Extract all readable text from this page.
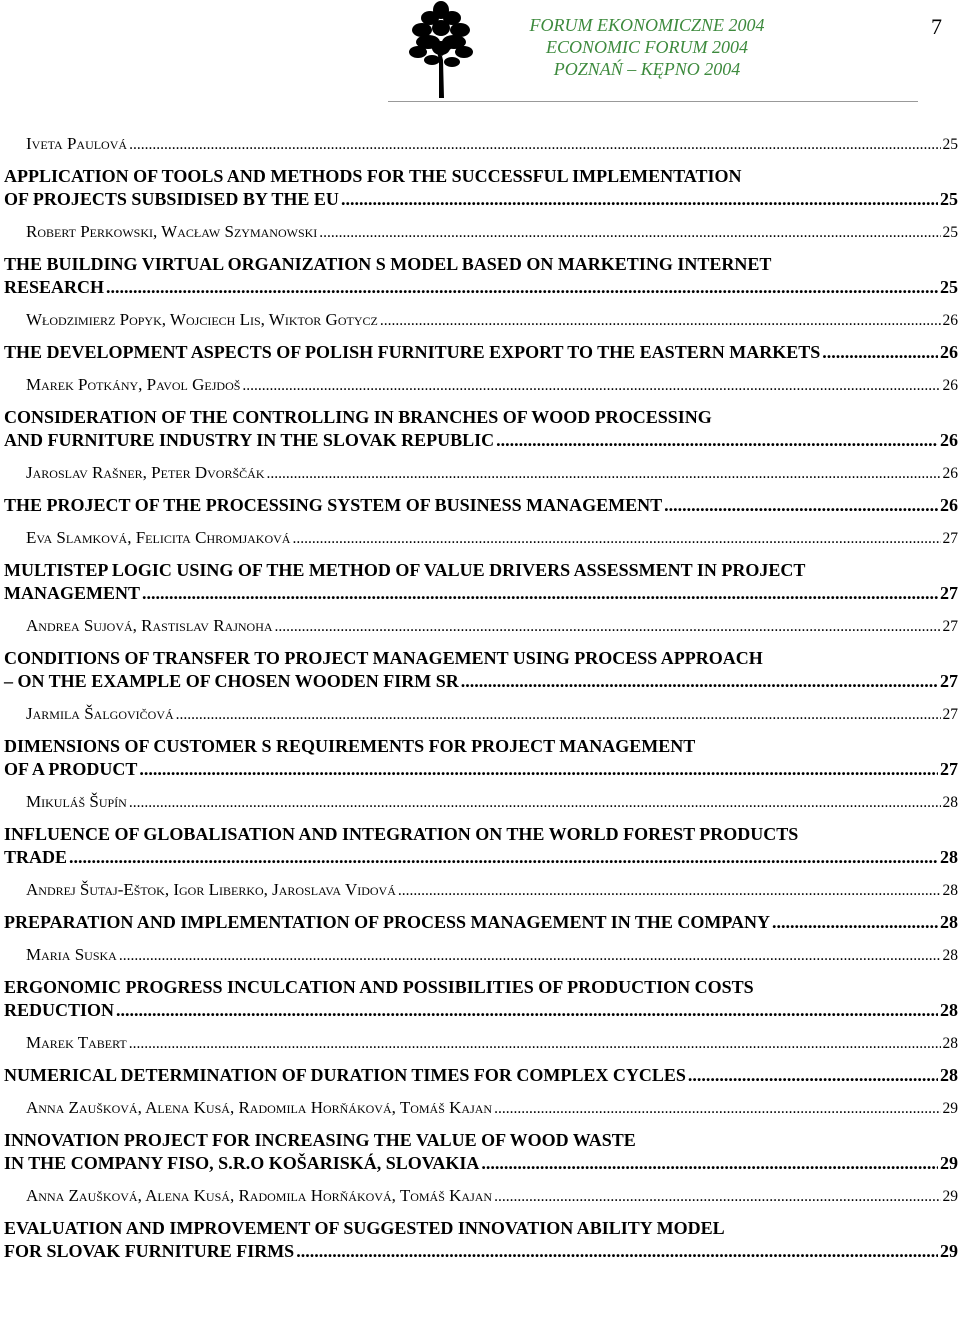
FORUM EKONOMICZNE 2004
ECONOMIC FORUM 2004
POZNAŃ – KĘPNO 2004
7
Iveta Paulová .....	25
APPLICATION OF TOOLS AND METHODS FOR THE SUCCESSFUL IMPLEMENTATION
OF PROJECTS SUBSIDISED BY THE EU .....	25
Robert Perkowski, Wacław Szymanowski .....	25
THE BUILDING VIRTUAL ORGANIZATION S MODEL BASED ON MARKETING INTERNET
RESEARCH .....	25
Włodzimierz Popyk, Wojciech Lis, Wiktor Gotycz .....	26
THE DEVELOPMENT ASPECTS OF POLISH FURNITURE EXPORT TO THE EASTERN MARKETS .....	26
Marek Potkány, Pavol Gejdoš .....	26
CONSIDERATION OF THE CONTROLLING IN BRANCHES OF WOOD PROCESSING
AND FURNITURE INDUSTRY IN THE SLOVAK REPUBLIC .....	26
Jaroslav Rašner, Peter Dvorščák .....	26
THE PROJECT OF THE PROCESSING SYSTEM OF BUSINESS MANAGEMENT .....	26
Eva Slamková, Felicita Chromjaková .....	27
MULTISTEP LOGIC USING OF THE METHOD OF VALUE DRIVERS ASSESSMENT IN PROJECT
MANAGEMENT .....	27
Andrea Sujová, Rastislav Rajnoha .....	27
CONDITIONS OF TRANSFER TO PROJECT MANAGEMENT USING PROCESS APPROACH
– ON THE EXAMPLE OF CHOSEN WOODEN FIRM SR .....	27
Jarmila Šalgovičová .....	27
DIMENSIONS OF CUSTOMER S REQUIREMENTS FOR PROJECT MANAGEMENT
OF A PRODUCT .....	27
Mikuláš Šupín .....	28
INFLUENCE OF GLOBALISATION AND INTEGRATION ON THE WORLD FOREST PRODUCTS
TRADE .....	28
Andrej Šutaj-Eštok, Igor Liberko, Jaroslava Vidová .....	28
PREPARATION AND IMPLEMENTATION OF PROCESS MANAGEMENT IN THE COMPANY .....	28
Maria Suska .....	28
ERGONOMIC PROGRESS INCULCATION AND POSSIBILITIES OF PRODUCTION COSTS
REDUCTION .....	28
Marek Tabert .....	28
NUMERICAL DETERMINATION OF DURATION TIMES FOR COMPLEX CYCLES .....	28
Anna Zaušková, Alena Kusá, Radomila Horňáková, Tomáš Kajan .....	29
INNOVATION PROJECT FOR INCREASING THE VALUE OF WOOD WASTE
IN THE COMPANY FISO, S.R.O KOŠARISKÁ, SLOVAKIA .....	29
Anna Zaušková, Alena Kusá, Radomila Horňáková, Tomáš Kajan .....	29
EVALUATION AND IMPROVEMENT OF SUGGESTED INNOVATION ABILITY MODEL
FOR SLOVAK FURNITURE FIRMS .....	29
